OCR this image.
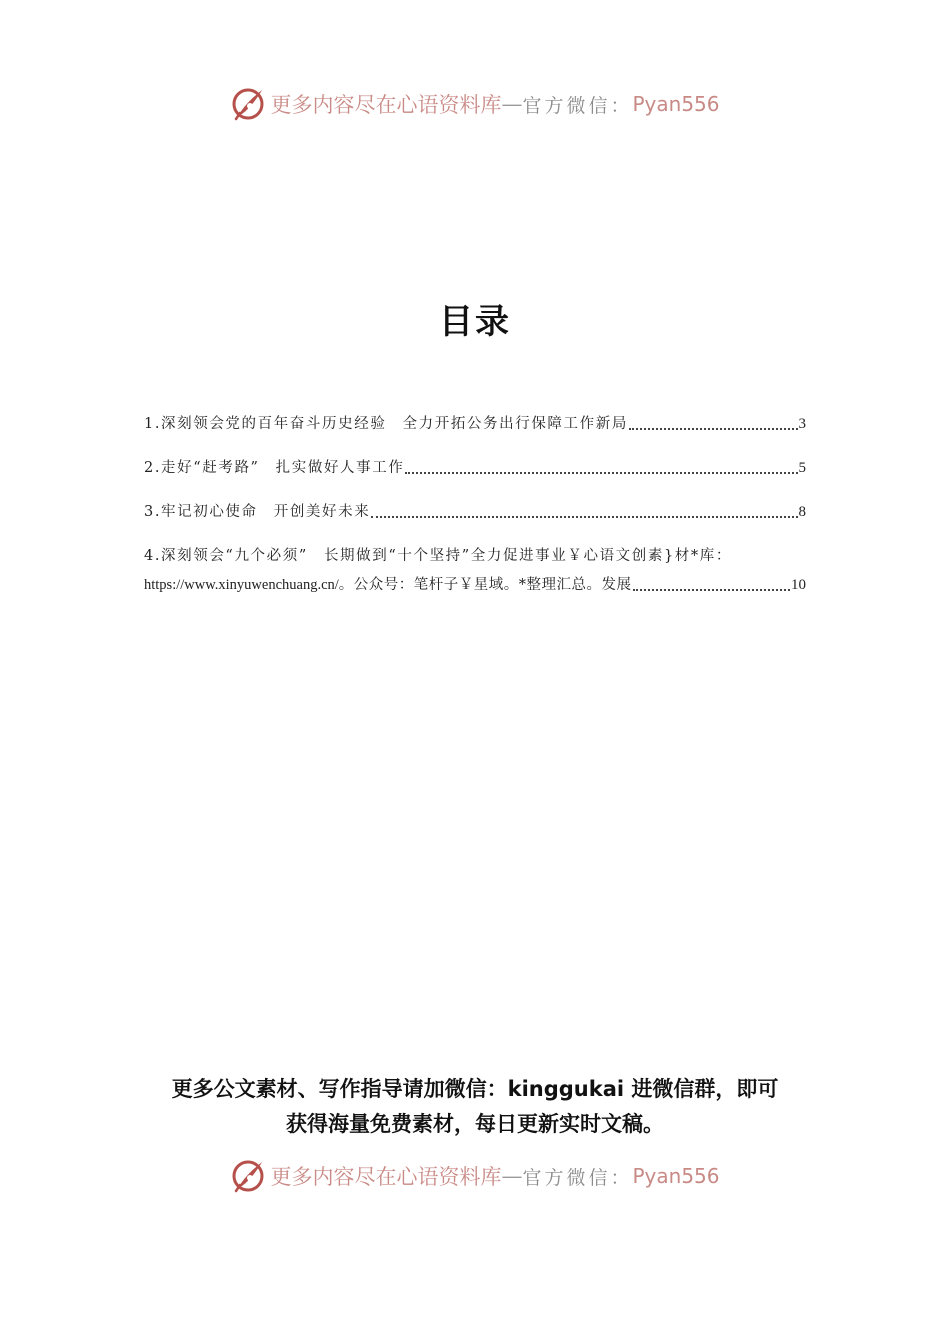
更多内容尽在心语资料库 — 官方微信： Pyan556
目录
1.深刻领会党的百年奋斗历史经验　全力开拓公务出行保障工作新局	3
2.走好“赶考路”　扎实做好人事工作	5
3.牢记初心使命　开创美好未来	8
4.深刻领会“九个必须”　长期做到“十个坚持”全力促进事业￥心语文创素}材*库：
https://www.xinyuwenchuang.cn/。公众号：笔杆子￥星域。*整理汇总。发展	10
更多公文素材、写作指导请加微信：kinggukai 进微信群，即可
获得海量免费素材，每日更新实时文稿。
更多内容尽在心语资料库 — 官方微信： Pyan556
